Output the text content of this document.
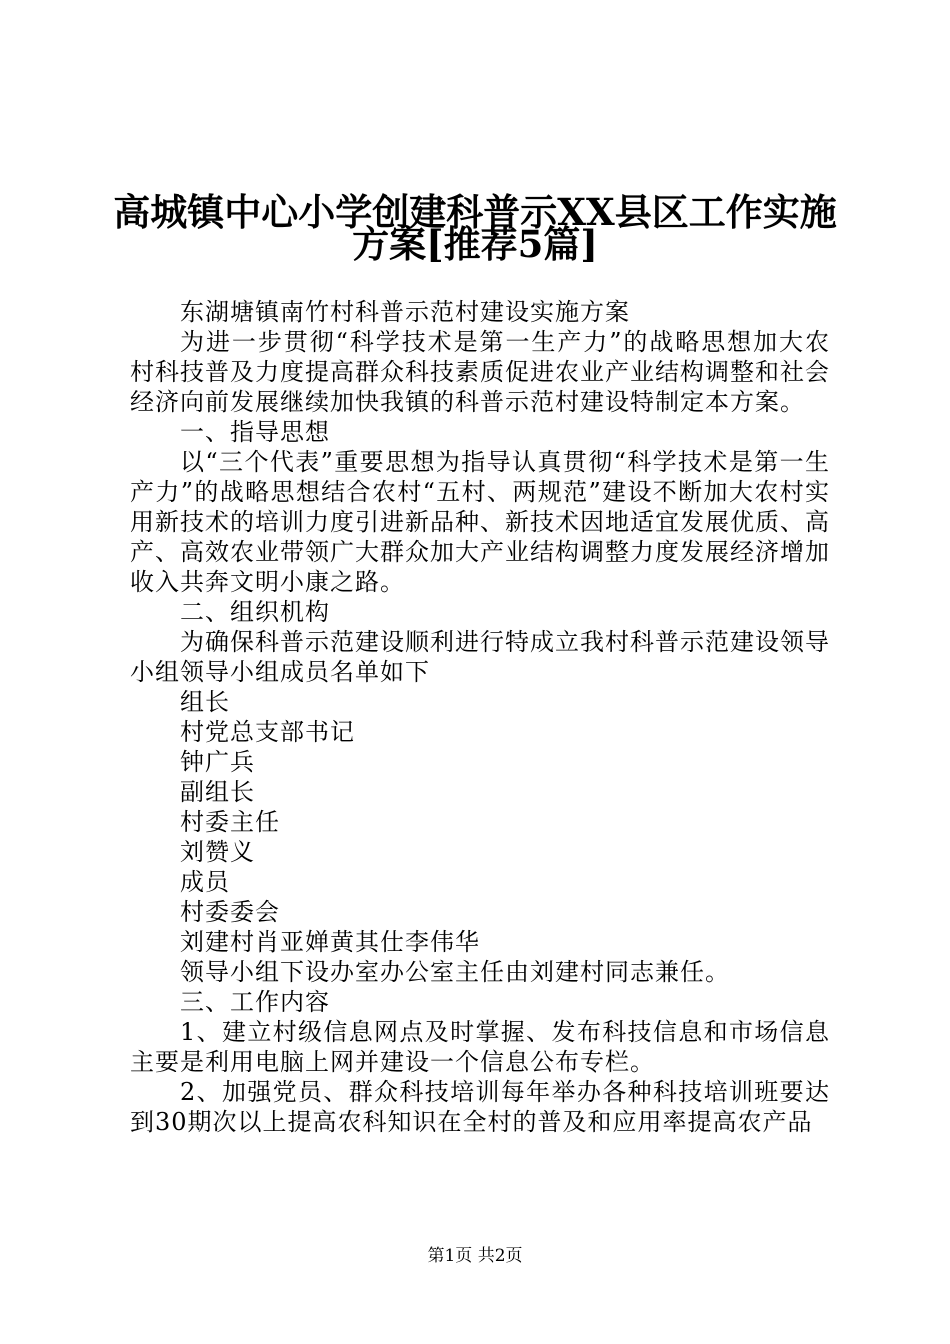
高城镇中心小学创建科普示XX县区工作实施
方案[推荐5篇]

东湖塘镇南竹村科普示范村建设实施方案

为进一步贯彻“科学技术是第一生产力”的战略思想加大农村科技普及力度提高群众科技素质促进农业产业结构调整和社会经济向前发展继续加快我镇的科普示范村建设特制定本方案。

一、指导思想

以“三个代表”重要思想为指导认真贯彻“科学技术是第一生产力”的战略思想结合农村“五村、两规范”建设不断加大农村实用新技术的培训力度引进新品种、新技术因地适宜发展优质、高产、高效农业带领广大群众加大产业结构调整力度发展经济增加收入共奔文明小康之路。

二、组织机构

为确保科普示范建设顺利进行特成立我村科普示范建设领导小组领导小组成员名单如下

组长

村党总支部书记

钟广兵

副组长

村委主任

刘赞义

成员

村委委会

刘建村肖亚婵黄其仕李伟华

领导小组下设办室办公室主任由刘建村同志兼任。

三、工作内容

1、建立村级信息网点及时掌握、发布科技信息和市场信息主要是利用电脑上网并建设一个信息公布专栏。

2、加强党员、群众科技培训每年举办各种科技培训班要达到30期次以上提高农科知识在全村的普及和应用率提高农产品

第1页 共2页
